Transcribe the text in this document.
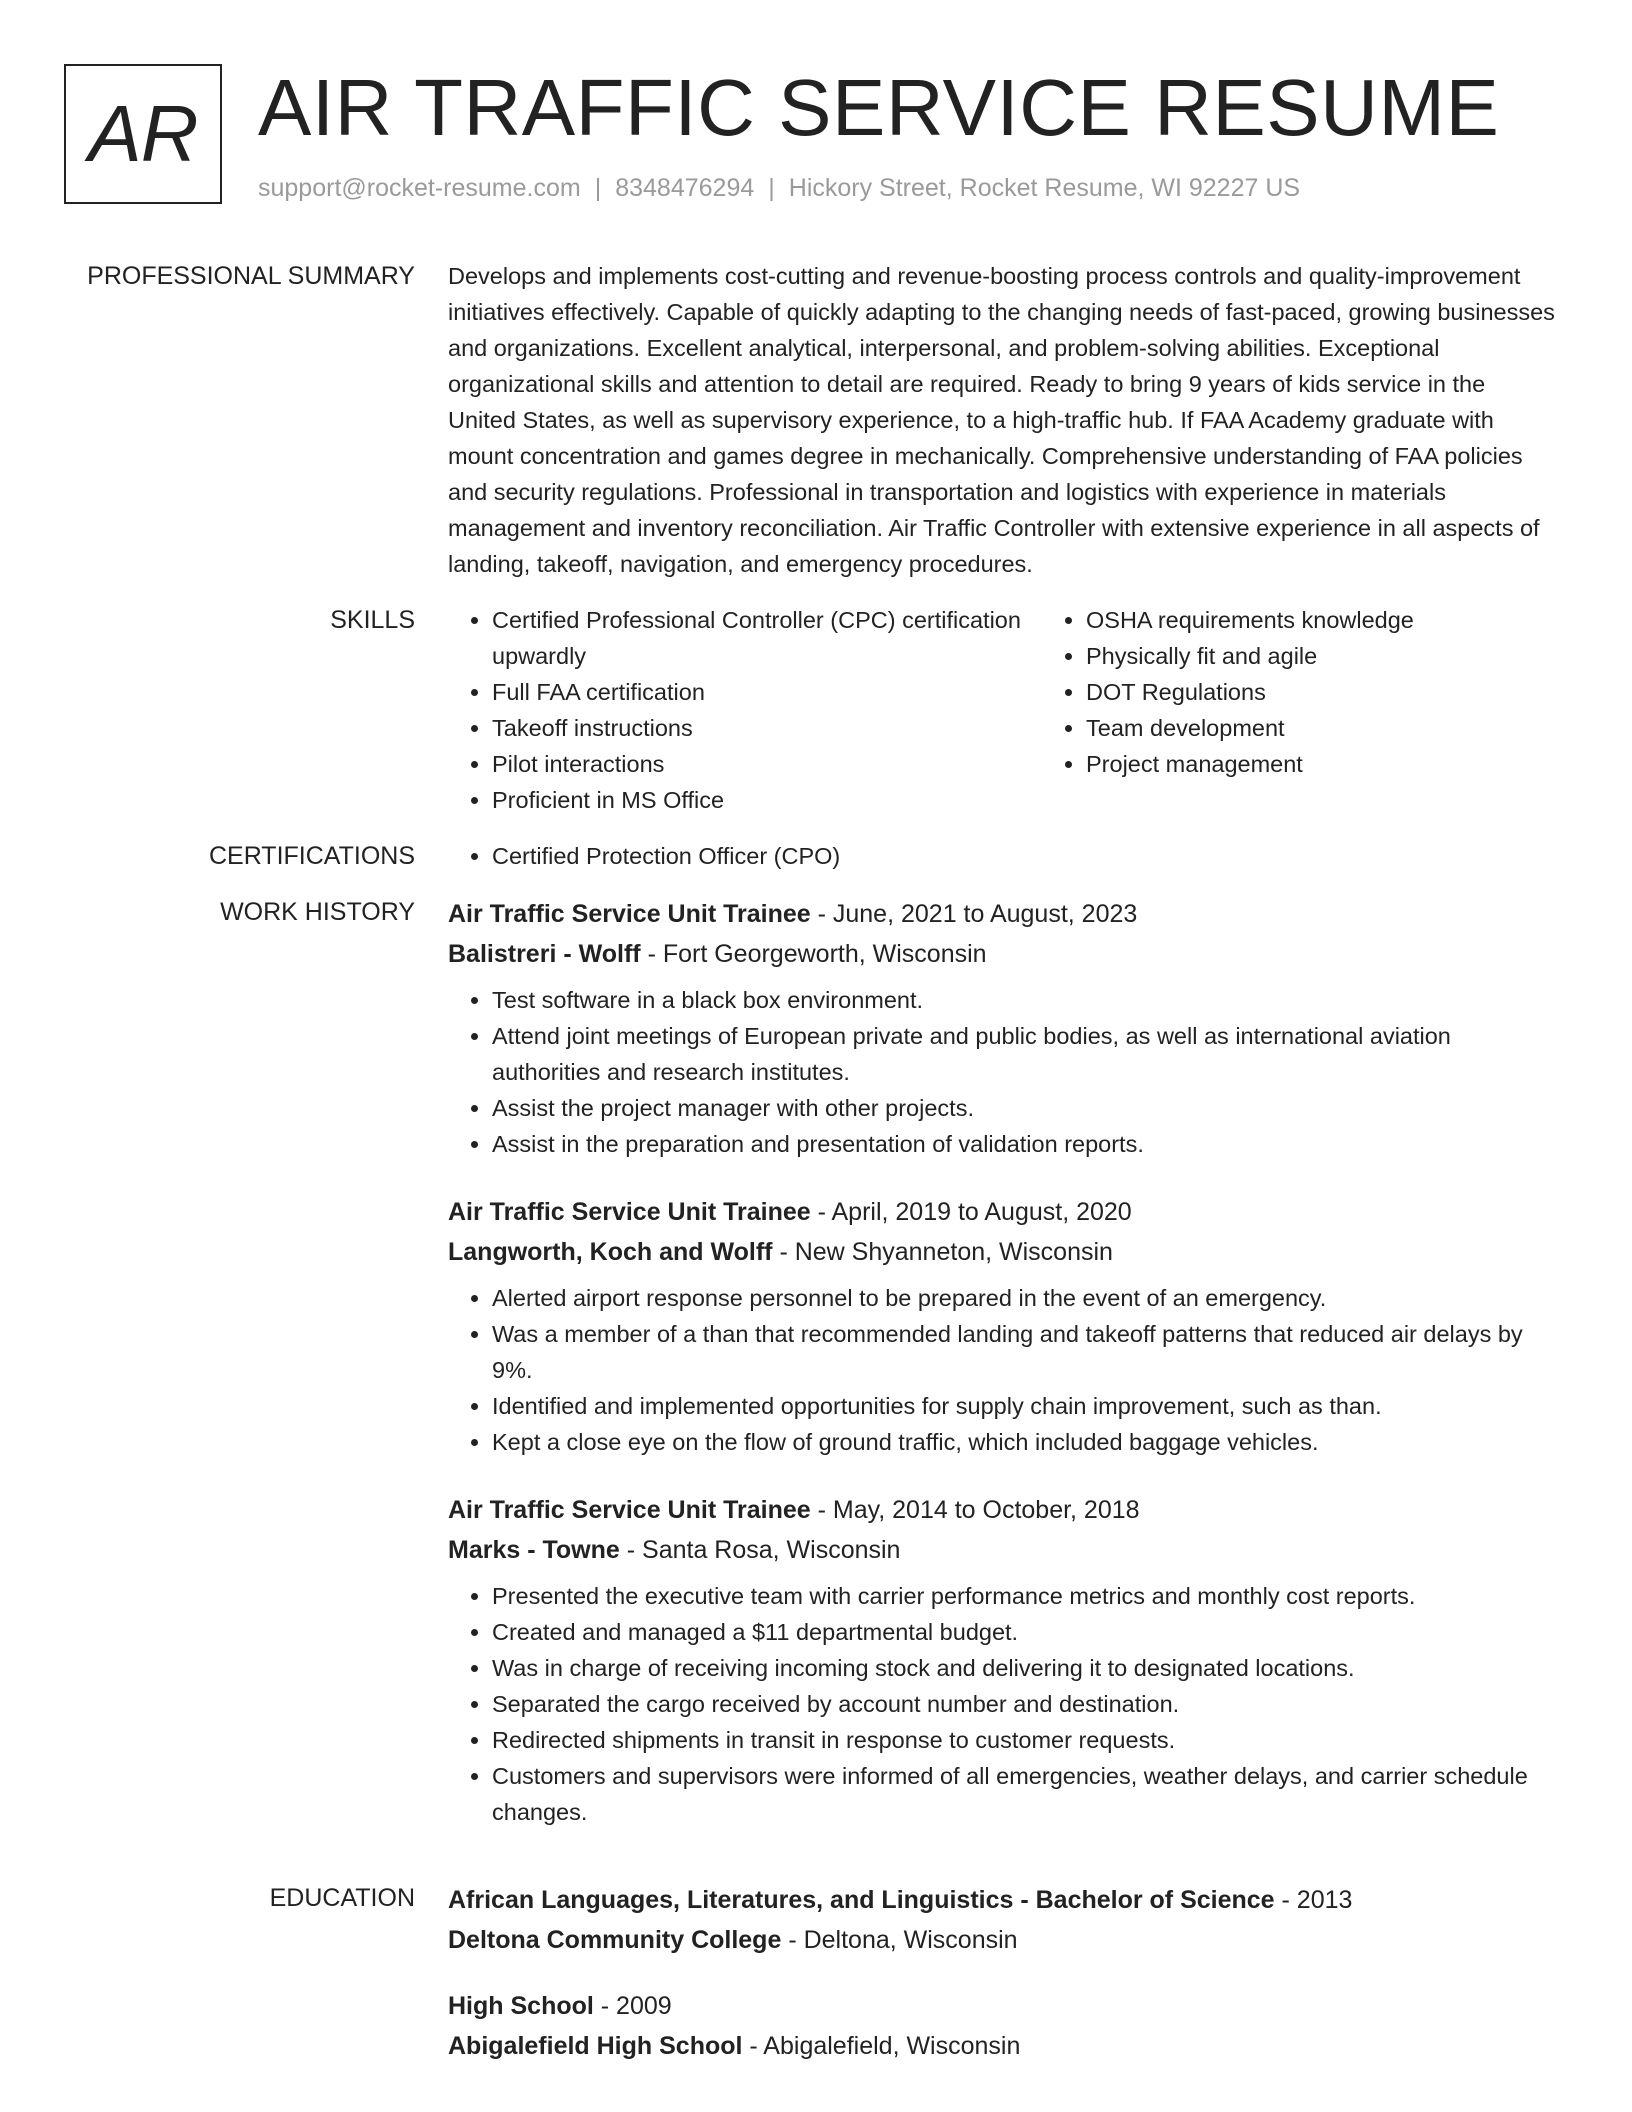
AR AIR TRAFFIC SERVICE RESUME
support@rocket-resume.com | 8348476294 | Hickory Street, Rocket Resume, WI 92227 US
PROFESSIONAL SUMMARY Develops and implements cost-cutting and revenue-boosting process controls and quality-improvement initiatives effectively. Capable of quickly adapting to the changing needs of fast-paced, growing businesses and organizations. Excellent analytical, interpersonal, and problem-solving abilities. Exceptional organizational skills and attention to detail are required. Ready to bring 9 years of kids service in the United States, as well as supervisory experience, to a high-traffic hub. If FAA Academy graduate with mount concentration and games degree in mechanically. Comprehensive understanding of FAA policies and security regulations. Professional in transportation and logistics with experience in materials management and inventory reconciliation. Air Traffic Controller with extensive experience in all aspects of landing, takeoff, navigation, and emergency procedures.

SKILLS	• Certified Professional Controller (CPC) certification upwardly
• Full FAA certification
• Takeoff instructions
• Pilot interactions
• Proficient in MS Office
• OSHA requirements knowledge
• Physically fit and agile
• DOT Regulations
• Team development
• Project management
CERTIFICATIONS	• Certified Protection Officer (CPO)
WORK HISTORY Air Traffic Service Unit Trainee - June, 2021 to August, 2023
Balistreri - Wolff - Fort Georgeworth, Wisconsin
• Test software in a black box environment.
• Attend joint meetings of European private and public bodies, as well as international aviation authorities and research institutes.
• Assist the project manager with other projects.
• Assist in the preparation and presentation of validation reports.
Air Traffic Service Unit Trainee - April, 2019 to August, 2020
Langworth, Koch and Wolff - New Shyanneton, Wisconsin
• Alerted airport response personnel to be prepared in the event of an emergency.
• Was a member of a than that recommended landing and takeoff patterns that reduced air delays by 9%.
• Identified and implemented opportunities for supply chain improvement, such as than.
• Kept a close eye on the flow of ground traffic, which included baggage vehicles.
Air Traffic Service Unit Trainee - May, 2014 to October, 2018
Marks - Towne - Santa Rosa, Wisconsin
• Presented the executive team with carrier performance metrics and monthly cost reports.
• Created and managed a $11 departmental budget.
• Was in charge of receiving incoming stock and delivering it to designated locations.
• Separated the cargo received by account number and destination.
• Redirected shipments in transit in response to customer requests.
• Customers and supervisors were informed of all emergencies, weather delays, and carrier schedule changes.
EDUCATION African Languages, Literatures, and Linguistics - Bachelor of Science - 2013
Deltona Community College - Deltona, Wisconsin
High School - 2009
Abigalefield High School - Abigalefield, Wisconsin
